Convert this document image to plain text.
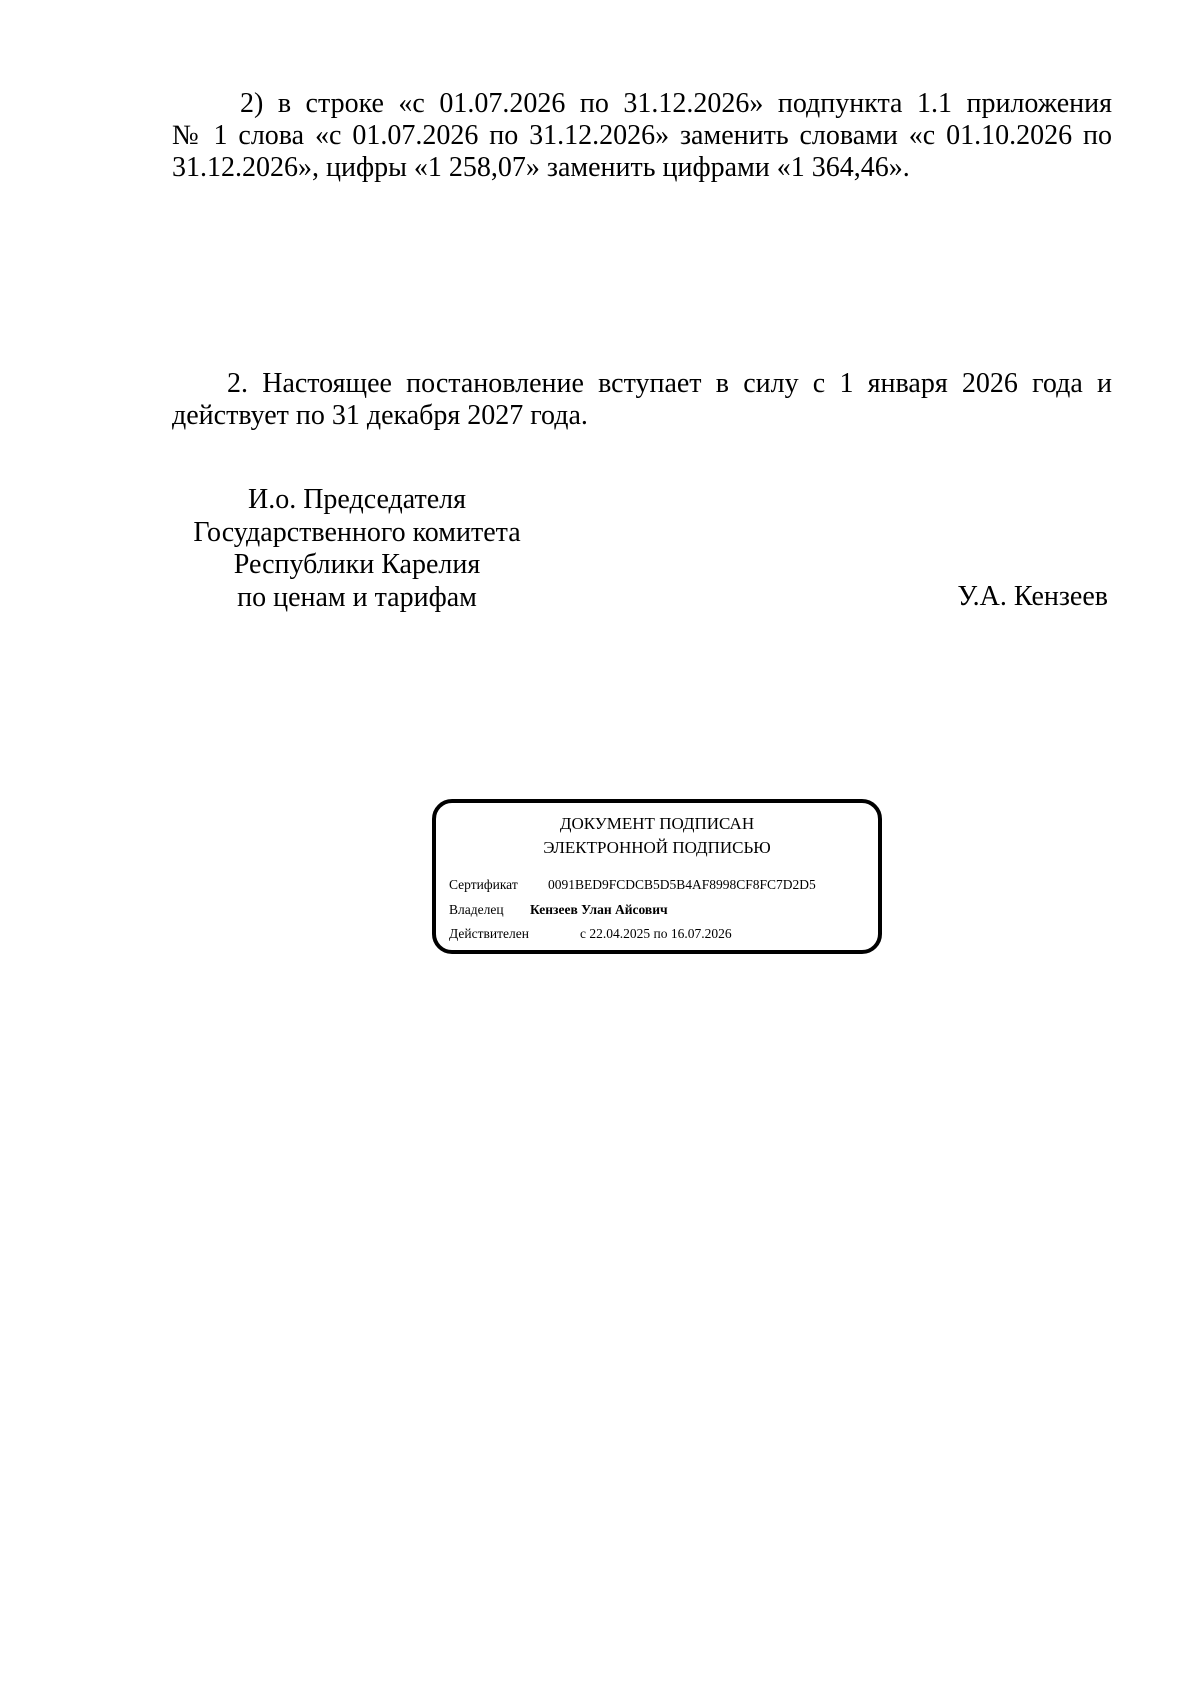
2) в строке «с 01.07.2026 по 31.12.2026» подпункта 1.1 приложения
№ 1 слова «с 01.07.2026 по 31.12.2026» заменить словами «с 01.10.2026 по
31.12.2026», цифры «1 258,07» заменить цифрами «1 364,46».
2. Настоящее постановление вступает в силу с 1 января 2026 года и
действует по 31 декабря 2027 года.
И.о. Председателя
Государственного комитета
Республики Карелия
по ценам и тарифам	У.А. Кензеев
ДОКУМЕНТ ПОДПИСАН
ЭЛЕКТРОННОЙ ПОДПИСЬЮ
Сертификат 0091BED9FCDCB5D5B4AF8998CF8FC7D2D5
Владелец Кензеев Улан Айсович
Действителен	с 22.04.2025 по 16.07.2026
